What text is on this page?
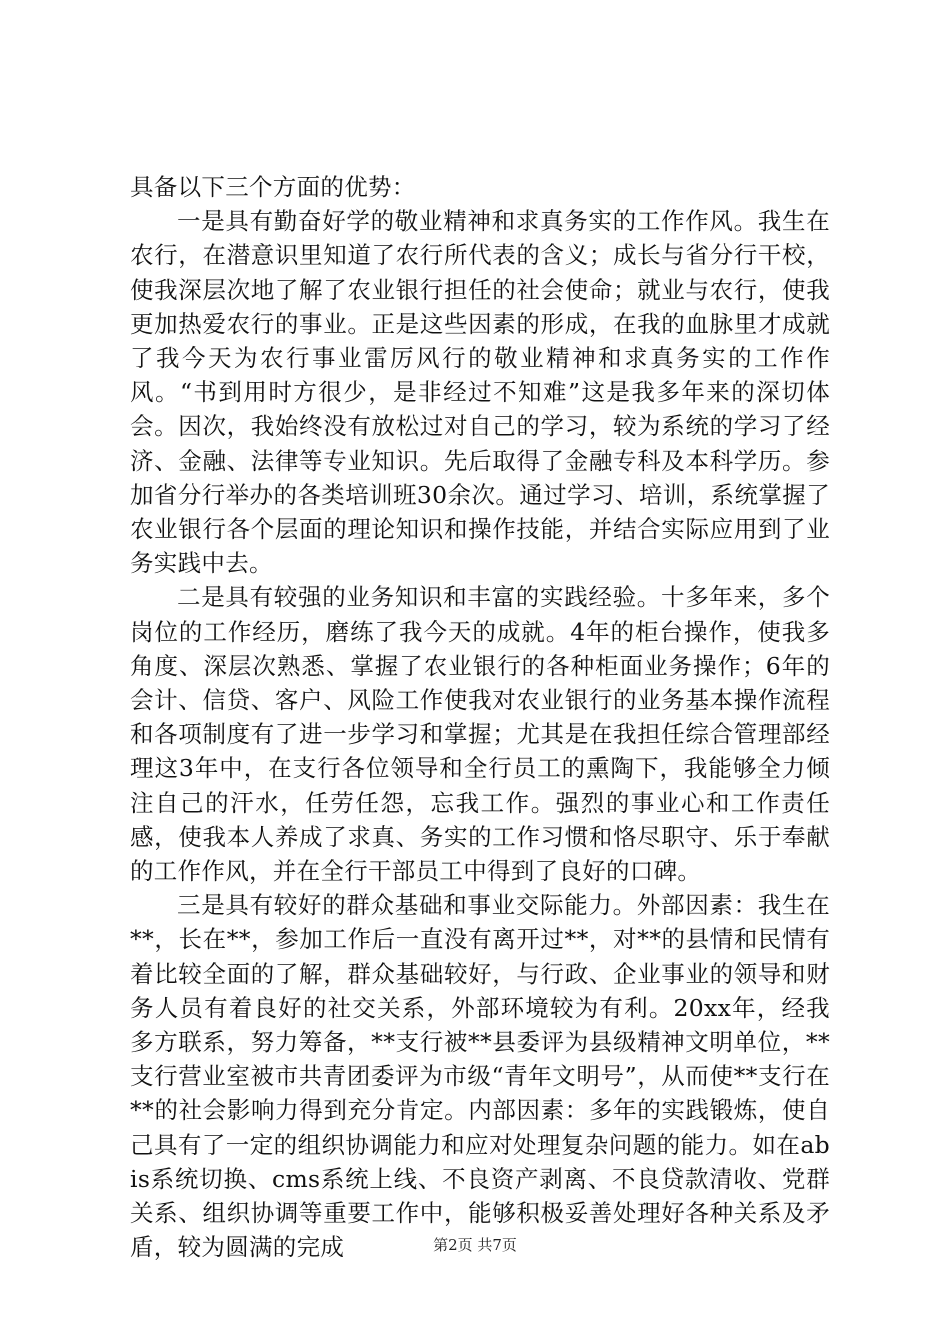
具备以下三个方面的优势：

一是具有勤奋好学的敬业精神和求真务实的工作作风。我生在农行，在潜意识里知道了农行所代表的含义；成长与省分行干校，使我深层次地了解了农业银行担任的社会使命；就业与农行，使我更加热爱农行的事业。正是这些因素的形成，在我的血脉里才成就了我今天为农行事业雷厉风行的敬业精神和求真务实的工作作风。“书到用时方很少，是非经过不知难”这是我多年来的深切体会。因次，我始终没有放松过对自己的学习，较为系统的学习了经济、金融、法律等专业知识。先后取得了金融专科及本科学历。参加省分行举办的各类培训班30余次。通过学习、培训，系统掌握了农业银行各个层面的理论知识和操作技能，并结合实际应用到了业务实践中去。

二是具有较强的业务知识和丰富的实践经验。十多年来，多个岗位的工作经历，磨练了我今天的成就。4年的柜台操作，使我多角度、深层次熟悉、掌握了农业银行的各种柜面业务操作；6年的会计、信贷、客户、风险工作使我对农业银行的业务基本操作流程和各项制度有了进一步学习和掌握；尤其是在我担任综合管理部经理这3年中，在支行各位领导和全行员工的熏陶下，我能够全力倾注自己的汗水，任劳任怨，忘我工作。强烈的事业心和工作责任感，使我本人养成了求真、务实的工作习惯和恪尽职守、乐于奉献的工作作风，并在全行干部员工中得到了良好的口碑。

三是具有较好的群众基础和事业交际能力。外部因素：我生在**，长在**，参加工作后一直没有离开过**，对**的县情和民情有着比较全面的了解，群众基础较好，与行政、企业事业的领导和财务人员有着良好的社交关系，外部环境较为有利。20xx年，经我多方联系，努力筹备，**支行被**县委评为县级精神文明单位，**支行营业室被市共青团委评为市级“青年文明号”，从而使**支行在**的社会影响力得到充分肯定。内部因素：多年的实践锻炼，使自己具有了一定的组织协调能力和应对处理复杂问题的能力。如在abis系统切换、cms系统上线、不良资产剥离、不良贷款清收、党群关系、组织协调等重要工作中，能够积极妥善处理好各种关系及矛盾，较为圆满的完成	第2页 共7页
